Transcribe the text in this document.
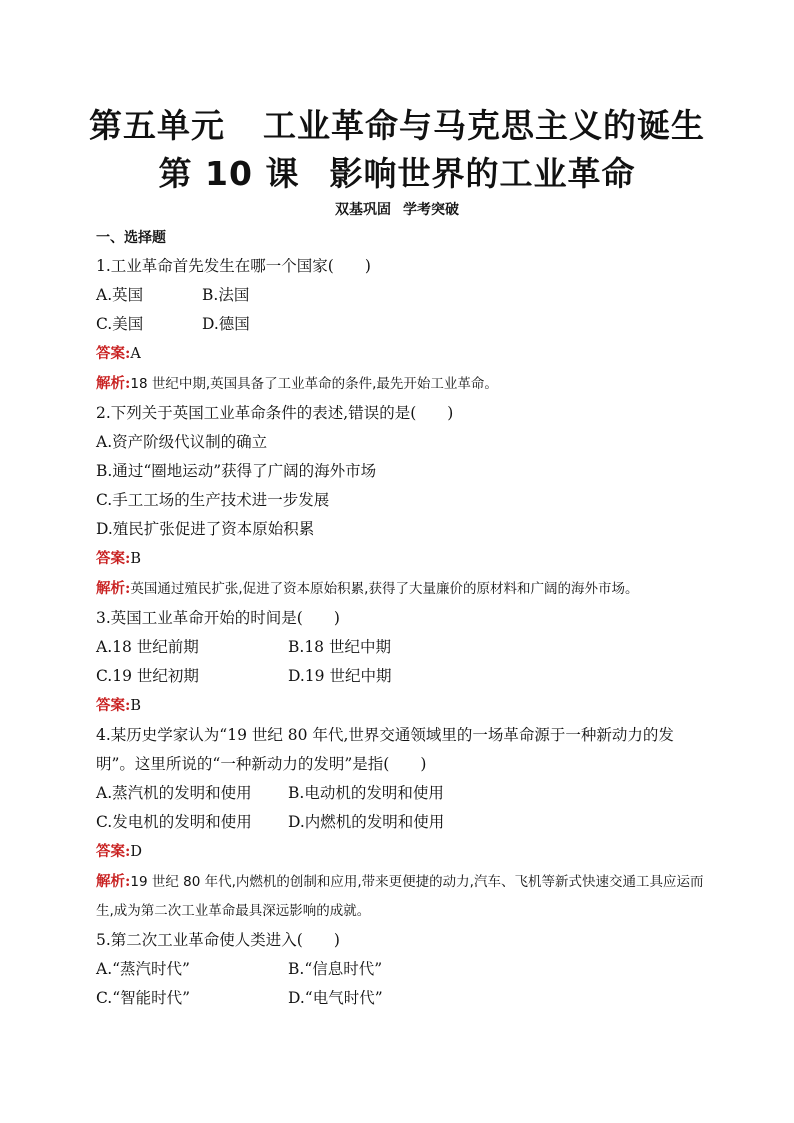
第五单元 工业革命与马克思主义的诞生
第 10 课 影响世界的工业革命
双基巩固 学考突破
一、选择题
1.工业革命首先发生在哪一个国家(　　)
A.英国	B.法国
C.美国	D.德国
答案:A
解析:18 世纪中期,英国具备了工业革命的条件,最先开始工业革命。
2.下列关于英国工业革命条件的表述,错误的是(　　)
A.资产阶级代议制的确立
B.通过“圈地运动”获得了广阔的海外市场
C.手工工场的生产技术进一步发展
D.殖民扩张促进了资本原始积累
答案:B
解析:英国通过殖民扩张,促进了资本原始积累,获得了大量廉价的原材料和广阔的海外市场。
3.英国工业革命开始的时间是(　　)
A.18 世纪前期	B.18 世纪中期
C.19 世纪初期	D.19 世纪中期
答案:B
4.某历史学家认为“19 世纪 80 年代,世界交通领域里的一场革命源于一种新动力的发明”。这里所说的“一种新动力的发明”是指(　　)
A.蒸汽机的发明和使用	B.电动机的发明和使用
C.发电机的发明和使用	D.内燃机的发明和使用
答案:D
解析:19 世纪 80 年代,内燃机的创制和应用,带来更便捷的动力,汽车、飞机等新式快速交通工具应运而生,成为第二次工业革命最具深远影响的成就。
5.第二次工业革命使人类进入(　　)
A.“蒸汽时代”	B.“信息时代”
C.“智能时代”	D.“电气时代”
